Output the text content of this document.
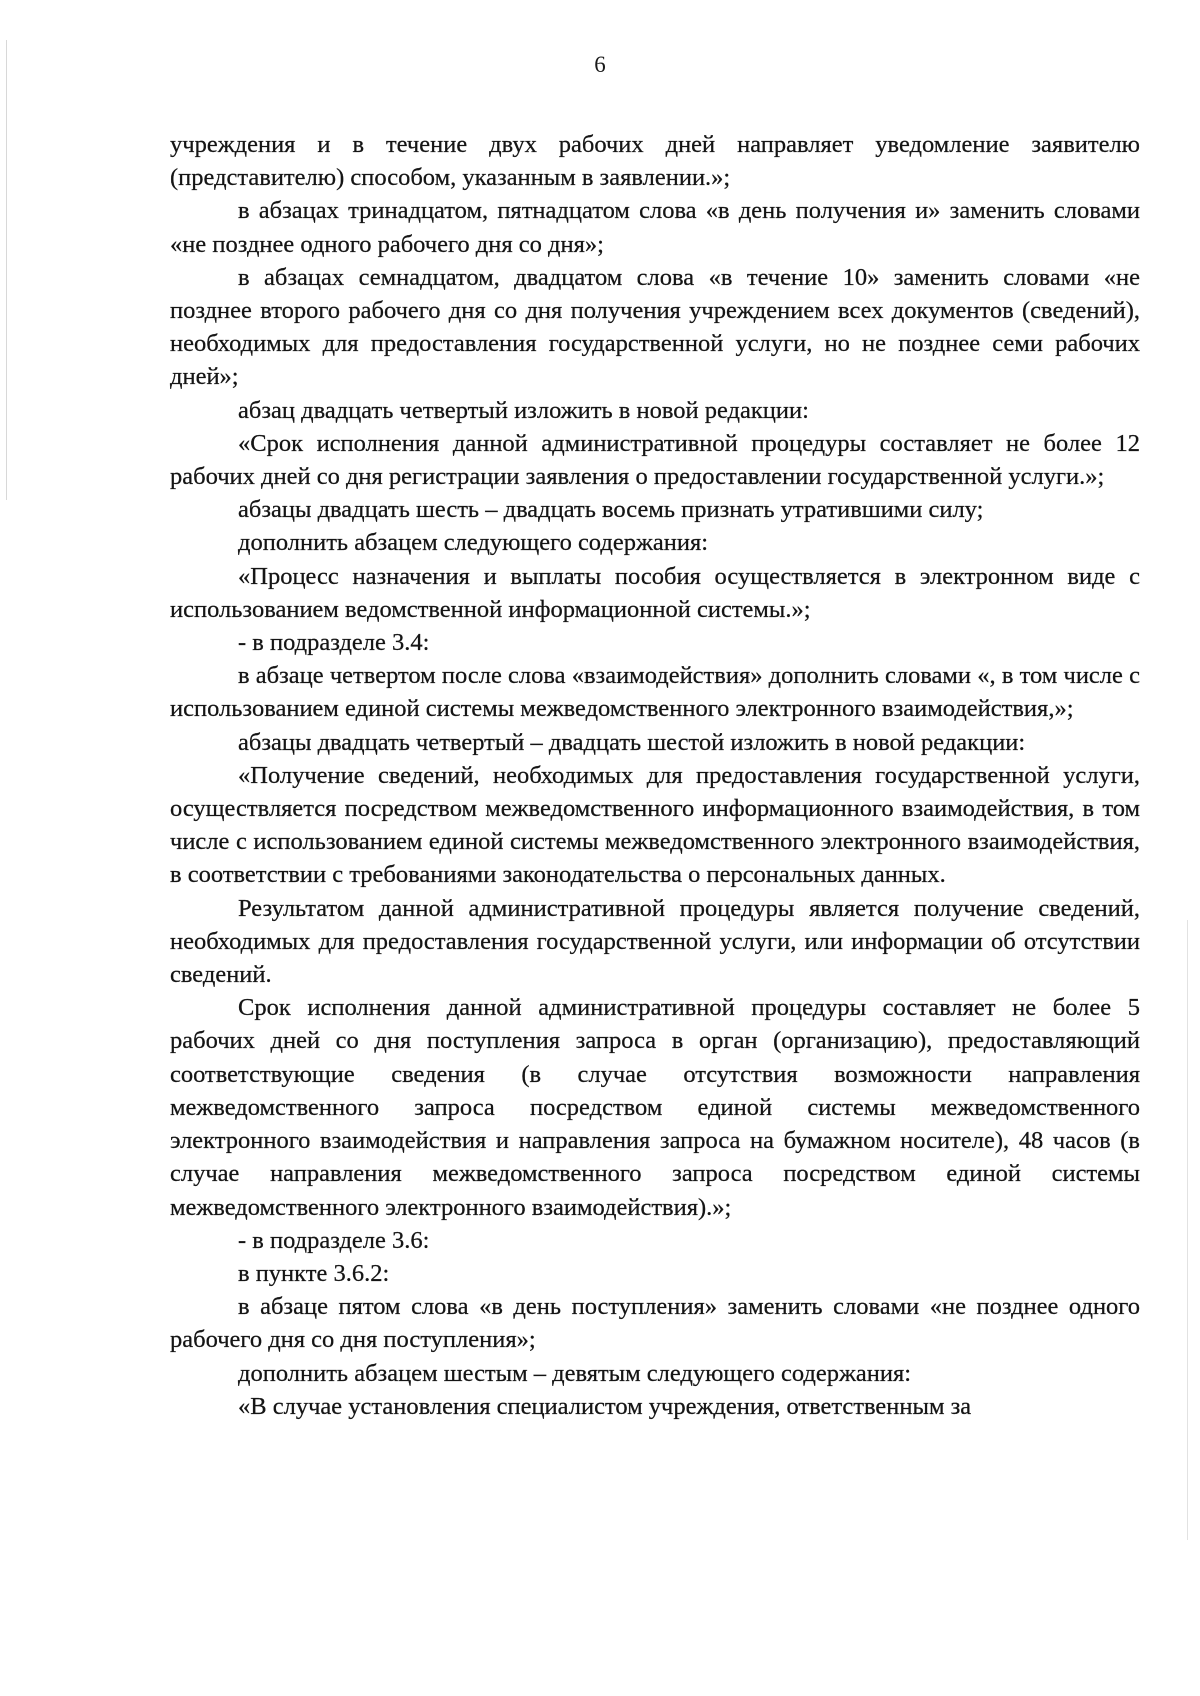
6

учреждения и в течение двух рабочих дней направляет уведомление заявителю (представителю) способом, указанным в заявлении.»;

в абзацах тринадцатом, пятнадцатом слова «в день получения и» заменить словами «не позднее одного рабочего дня со дня»;

в абзацах семнадцатом, двадцатом слова «в течение 10» заменить словами «не позднее второго рабочего дня со дня получения учреждением всех документов (сведений), необходимых для предоставления государственной услуги, но не позднее семи рабочих дней»;

абзац двадцать четвертый изложить в новой редакции:

«Срок исполнения данной административной процедуры составляет не более 12 рабочих дней со дня регистрации заявления о предоставлении государственной услуги.»;

абзацы двадцать шесть – двадцать восемь признать утратившими силу;

дополнить абзацем следующего содержания:

«Процесс назначения и выплаты пособия осуществляется в электронном виде с использованием ведомственной информационной системы.»;

- в подразделе 3.4:

в абзаце четвертом после слова «взаимодействия» дополнить словами «, в том числе с использованием единой системы межведомственного электронного взаимодействия,»;

абзацы двадцать четвертый – двадцать шестой изложить в новой редакции:

«Получение сведений, необходимых для предоставления государственной услуги, осуществляется посредством межведомственного информационного взаимодействия, в том числе с использованием единой системы межведомственного электронного взаимодействия, в соответствии с требованиями законодательства о персональных данных.

Результатом данной административной процедуры является получение сведений, необходимых для предоставления государственной услуги, или информации об отсутствии сведений.

Срок исполнения данной административной процедуры составляет не более 5 рабочих дней со дня поступления запроса в орган (организацию), предоставляющий соответствующие сведения (в случае отсутствия возможности направления межведомственного запроса посредством единой системы межведомственного электронного взаимодействия и направления запроса на бумажном носителе), 48 часов (в случае направления межведомственного запроса посредством единой системы межведомственного электронного взаимодействия).»;

- в подразделе 3.6:

в пункте 3.6.2:

в абзаце пятом слова «в день поступления» заменить словами «не позднее одного рабочего дня со дня поступления»;

дополнить абзацем шестым – девятым следующего содержания:

«В случае установления специалистом учреждения, ответственным за
